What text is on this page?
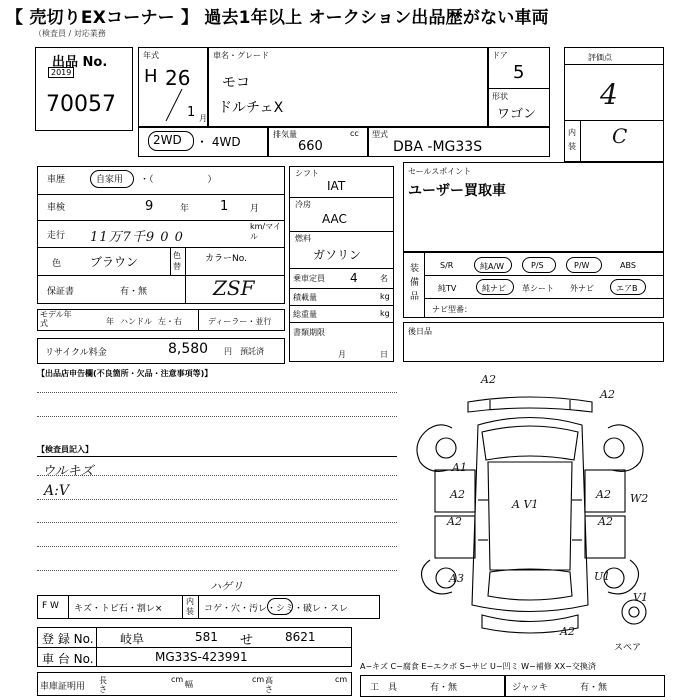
【 売切りEXコーナー 】 過去1年以上 オークション出品歴がない車両
（検査員 / 対応業務
出品 No.
2019
70057
年式
H 26
1 月
車名・グレード
モコ
ドルチェX
ドア
5
形状
ワゴン
評価点
4
内装 C
2WD ・ 4WD
排気量
660
cc 型式
DBA -MG33S
車歴	自家用 ・（　　　　　　）
車検	9	年 1 月
走行 11万7千9 0 0
km/マイル
色 ブラウン	色替
カラーNo.
保証書	有・無	ZSF
モデル年式	年 ハンドル 左・右	ディーラー・並行
リサイクル料金	8,580 円 預託済
シフト
IAT
冷房
AAC
燃料
ガソリン
乗車定員 4	名
積載量	kg
総重量	kg
書類期限
月	日
セールスポイント
ユーザー買取車
装備品
S/R	純A/W	P/S	P/W	ABS
純TV	純ナビ 革シート 外ナビ	エアB
ナビ型番：
後日品
【出品店申告欄(不良箇所・欠品・注意事項等)】
【検査員記入】
ウルキズ
A:V
ハゲリ
F W キズ・トビ石・割レ×
内装 コゲ・穴・汚レ・シミ・破レ・スレ
登 録 No. 岐阜	581 せ	8621
車 台 No.	MG33S-423991
車庫証明用
長さ
cm
幅
cm 高さ
cm
A−キズ C−腐食 E−エクボ S−サビ U−凹ミ W−補修 XX−交換済
工　具	有・無	ジャッキ	有・無
A2
A1
A2
A2
A V1
A2
A2
W2
A3
V1
A2
U1
A2
スペア
